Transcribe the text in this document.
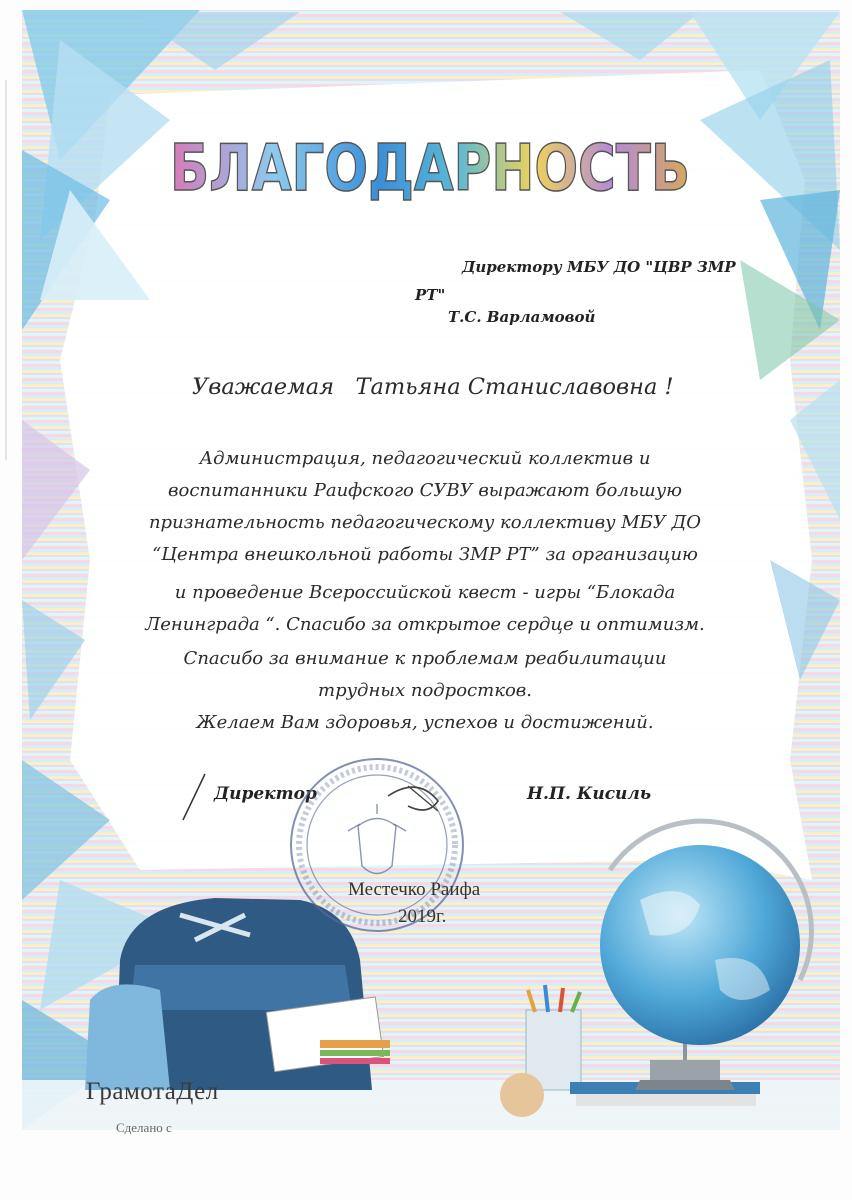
БЛАГОДАРНОСТЬ

Директору МБУ ДО "ЦВР ЗМР

РТ"

Т.С. Варламовой

Уважаемая   Татьяна Станиславовна !

Администрация, педагогический коллектив и

воспитанники Раифского СУВУ выражают большую

признательность педагогическому коллективу МБУ ДО

“Центра внешкольной работы ЗМР РТ” за организацию

и проведение Всероссийской квест - игры “Блокада

Ленинграда “. Спасибо за открытое сердце и оптимизм.

Спасибо за внимание к проблемам реабилитации

трудных подростков.

Желаем Вам здоровья, успехов и достижений.

Директор	Н.П. Кисиль

Местечко Раифа

2019г.

ГрамотаДел

Сделано с
